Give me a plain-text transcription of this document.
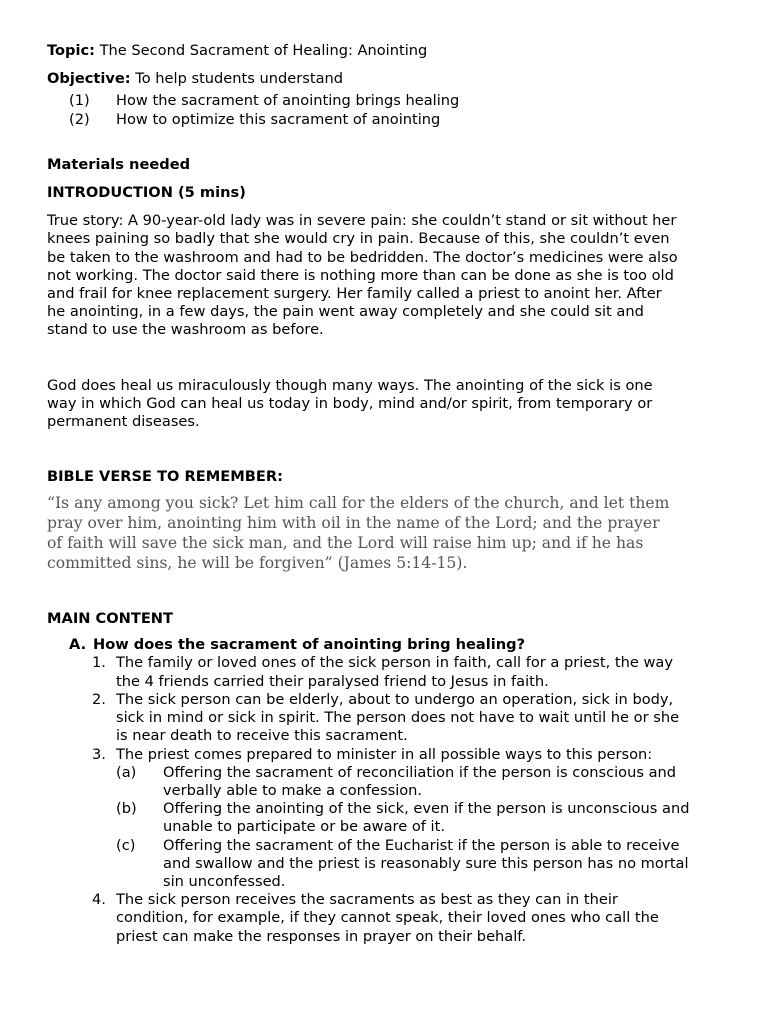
Topic: The Second Sacrament of Healing: Anointing

Objective: To help students understand

(1)	How the sacrament of anointing brings healing
(2)	How to optimize this sacrament of anointing

Materials needed

INTRODUCTION (5 mins)

True story: A 90-year-old lady was in severe pain: she couldn’t stand or sit without her

knees paining so badly that she would cry in pain. Because of this, she couldn’t even

be taken to the washroom and had to be bedridden. The doctor’s medicines were also

not working. The doctor said there is nothing more than can be done as she is too old

and frail for knee replacement surgery. Her family called a priest to anoint her. After

he anointing, in a few days, the pain went away completely and she could sit and

stand to use the washroom as before.

God does heal us miraculously though many ways. The anointing of the sick is one

way in which God can heal us today in body, mind and/or spirit, from temporary or

permanent diseases.

BIBLE VERSE TO REMEMBER:

“Is any among you sick? Let him call for the elders of the church, and let them

pray over him, anointing him with oil in the name of the Lord; and the prayer

of faith will save the sick man, and the Lord will raise him up; and if he has

committed sins, he will be forgiven” (James 5:14-15).

MAIN CONTENT

A. How does the sacrament of anointing bring healing?
1. The family or loved ones of the sick person in faith, call for a priest, the way
the 4 friends carried their paralysed friend to Jesus in faith.
2. The sick person can be elderly, about to undergo an operation, sick in body,
sick in mind or sick in spirit. The person does not have to wait until he or she
is near death to receive this sacrament.
3. The priest comes prepared to minister in all possible ways to this person:
(a)	Offering the sacrament of reconciliation if the person is conscious and
verbally able to make a confession.
(b)	Offering the anointing of the sick, even if the person is unconscious and
unable to participate or be aware of it.
(c)	Offering the sacrament of the Eucharist if the person is able to receive
and swallow and the priest is reasonably sure this person has no mortal
sin unconfessed.
4. The sick person receives the sacraments as best as they can in their
condition, for example, if they cannot speak, their loved ones who call the
priest can make the responses in prayer on their behalf.
